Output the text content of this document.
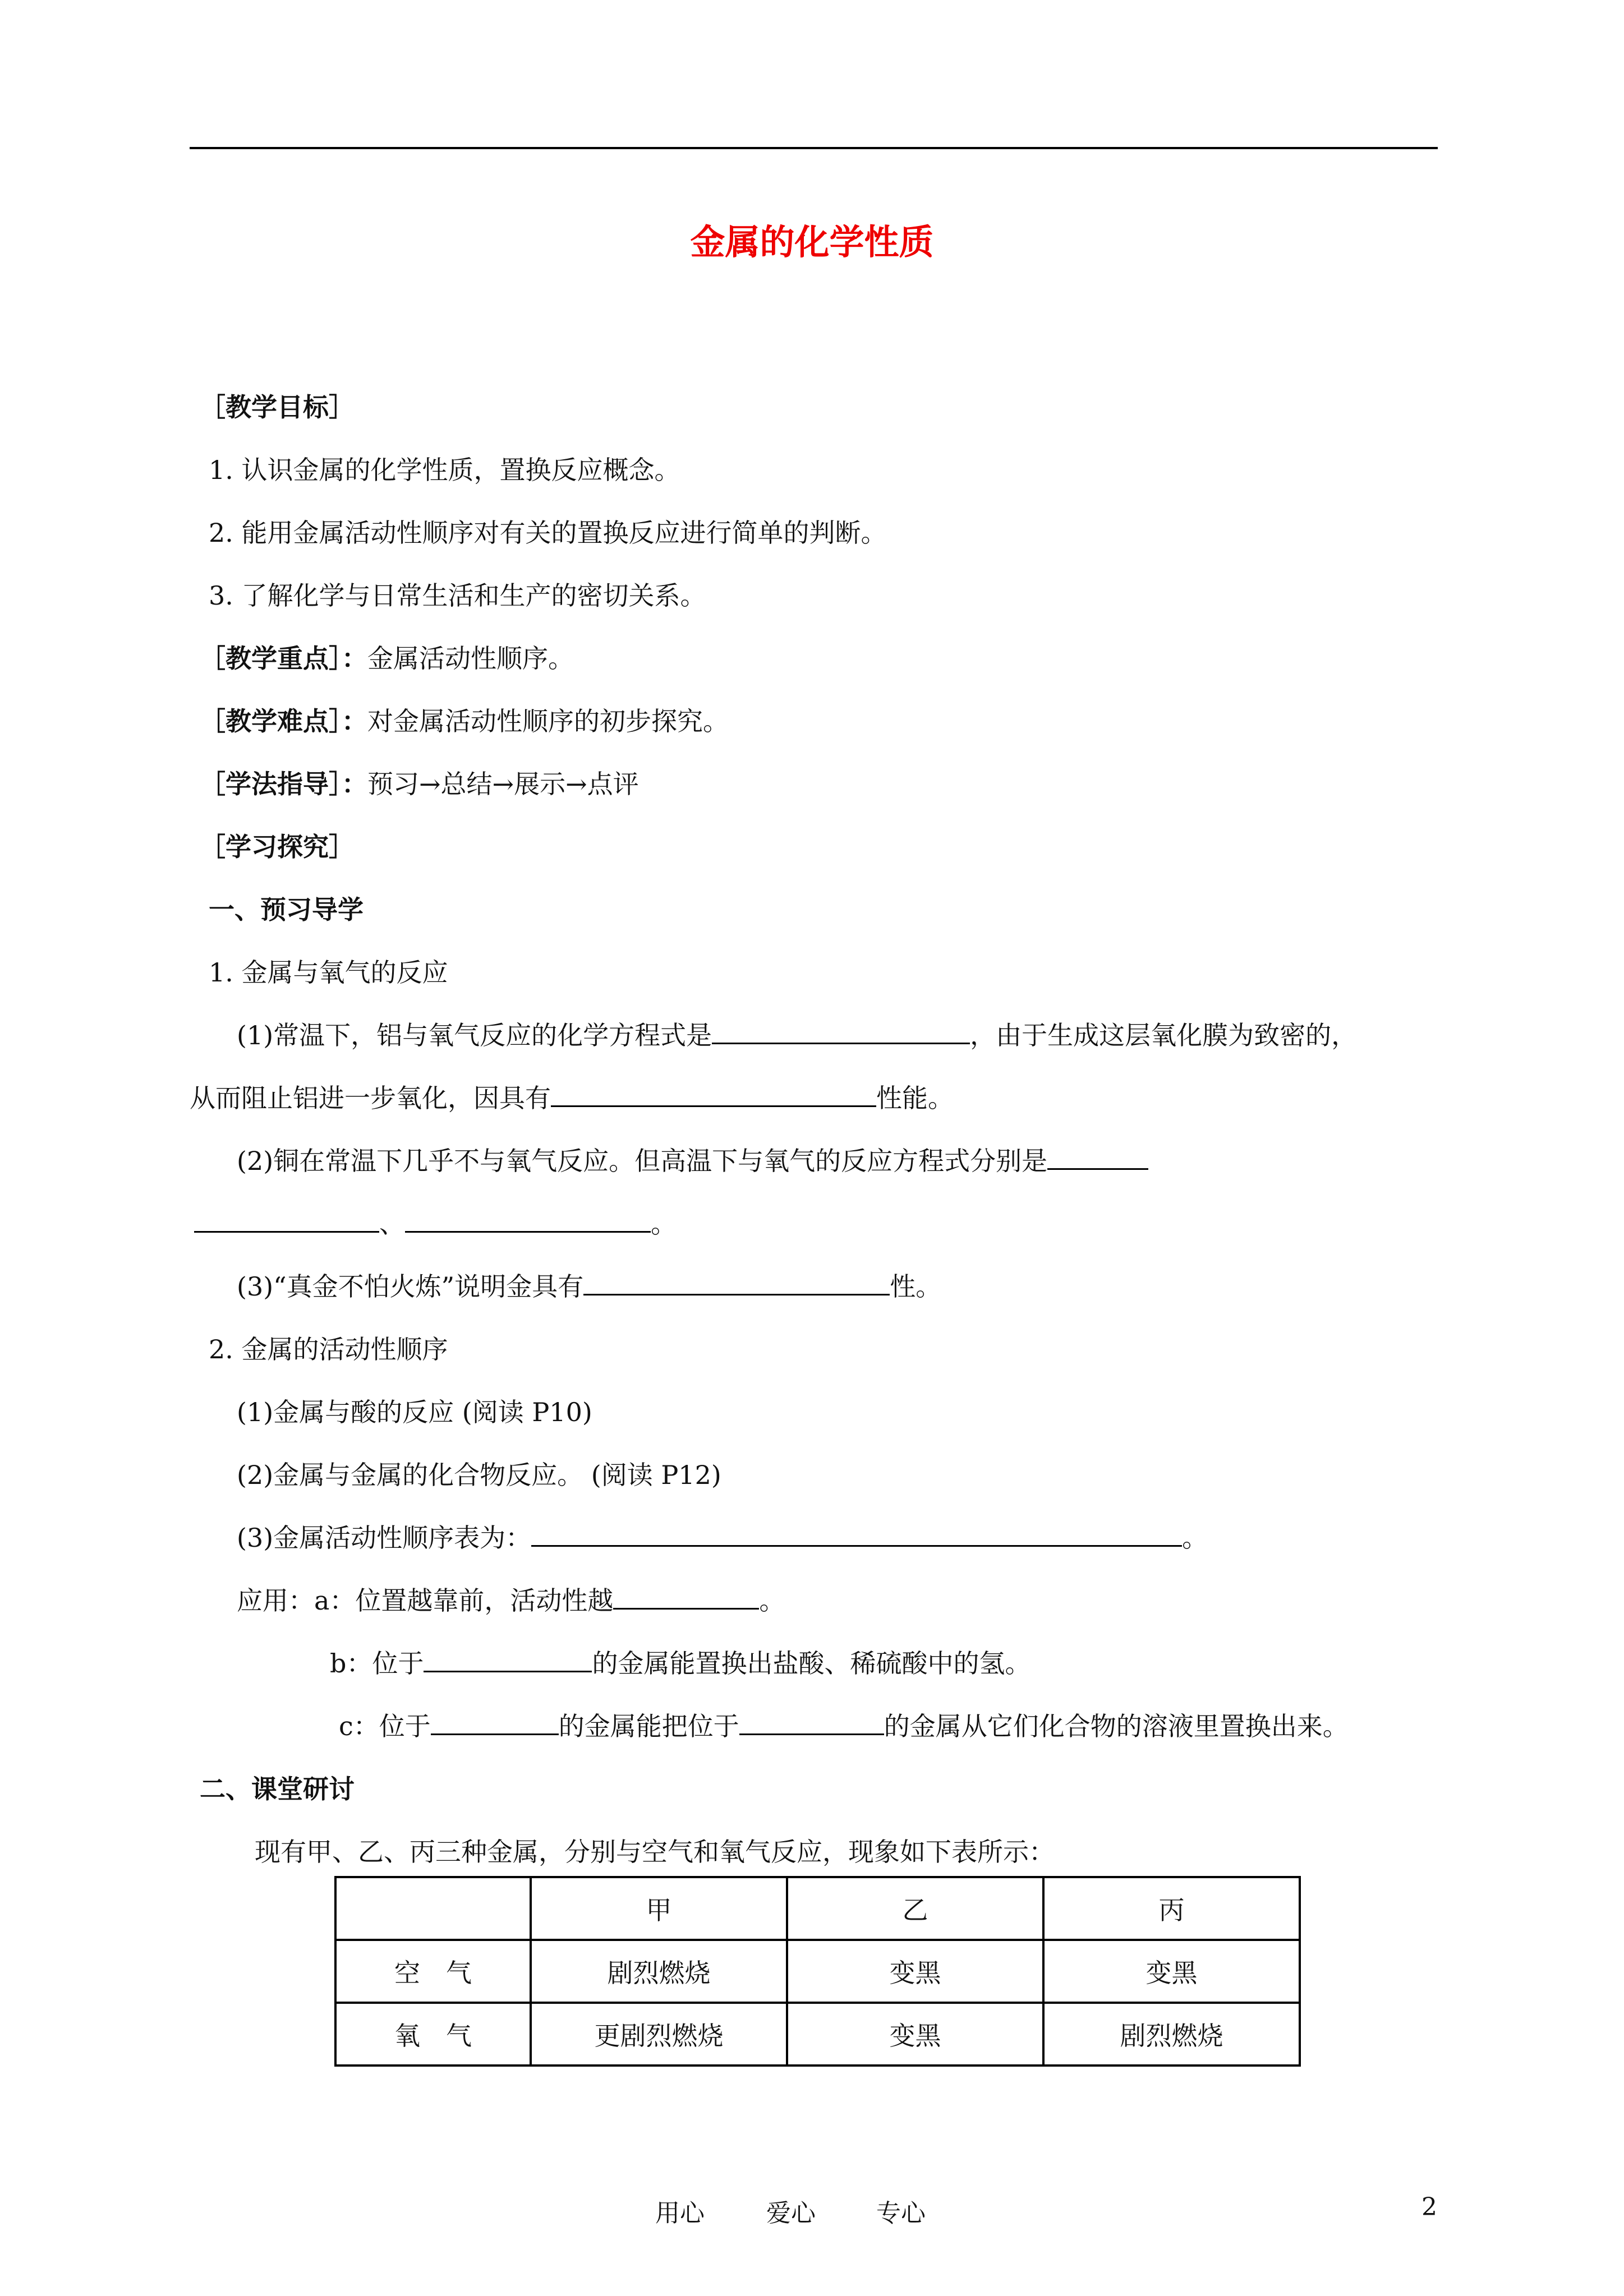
金属的化学性质
［教学目标］
1. 认识金属的化学性质，置换反应概念。
2. 能用金属活动性顺序对有关的置换反应进行简单的判断。
3. 了解化学与日常生活和生产的密切关系。
［教学重点］：金属活动性顺序。
［教学难点］：对金属活动性顺序的初步探究。
［学法指导］：预习→总结→展示→点评
［学习探究］
一、预习导学
1. 金属与氧气的反应
(1)常温下，铝与氧气反应的化学方程式是	，由于生成这层氧化膜为致密的，
从而阻止铝进一步氧化，因具有	性能。
(2)铜在常温下几乎不与氧气反应。但高温下与氧气的反应方程式分别是
、	。
(3)“真金不怕火炼”说明金具有	性。
2. 金属的活动性顺序
(1)金属与酸的反应 (阅读 P10)
(2)金属与金属的化合物反应。 (阅读 P12)
(3)金属活动性顺序表为：	。
应用：a：位置越靠前，活动性越	。
b：位于	的金属能置换出盐酸、稀硫酸中的氢。
c：位于	的金属能把位于	的金属从它们化合物的溶液里置换出来。
二、课堂研讨
现有甲、乙、丙三种金属，分别与空气和氧气反应，现象如下表所示：
	甲	乙	丙
空　气	剧烈燃烧	变黑	变黑
氧　气	更剧烈燃烧	变黑	剧烈燃烧
用心	爱心 专心	2
